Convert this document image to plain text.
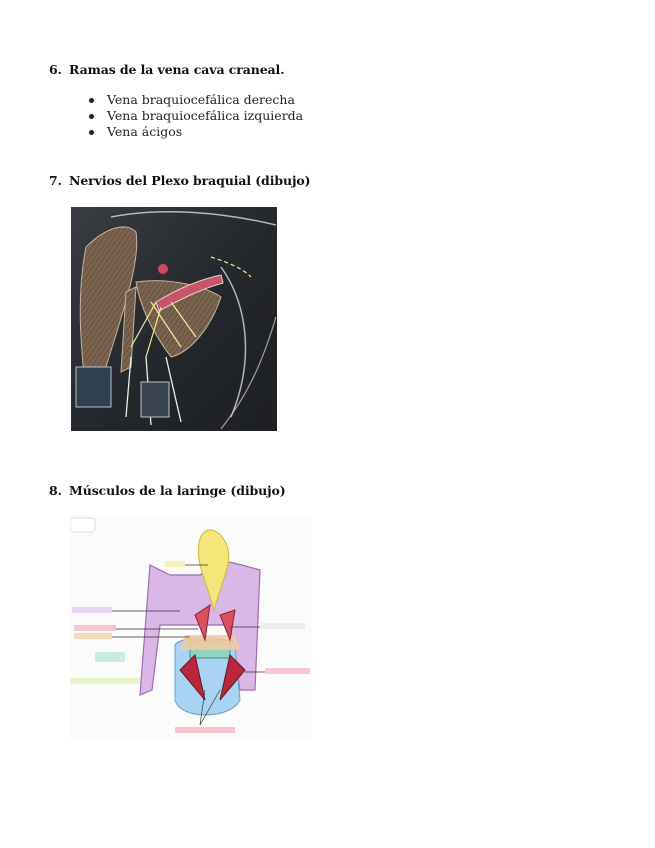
6. Ramas de la vena cava craneal.
Vena braquiocefálica derecha
Vena braquiocefálica izquierda
Vena ácigos
7. Nervios del Plexo braquial (dibujo)
8. Músculos de la laringe (dibujo)
